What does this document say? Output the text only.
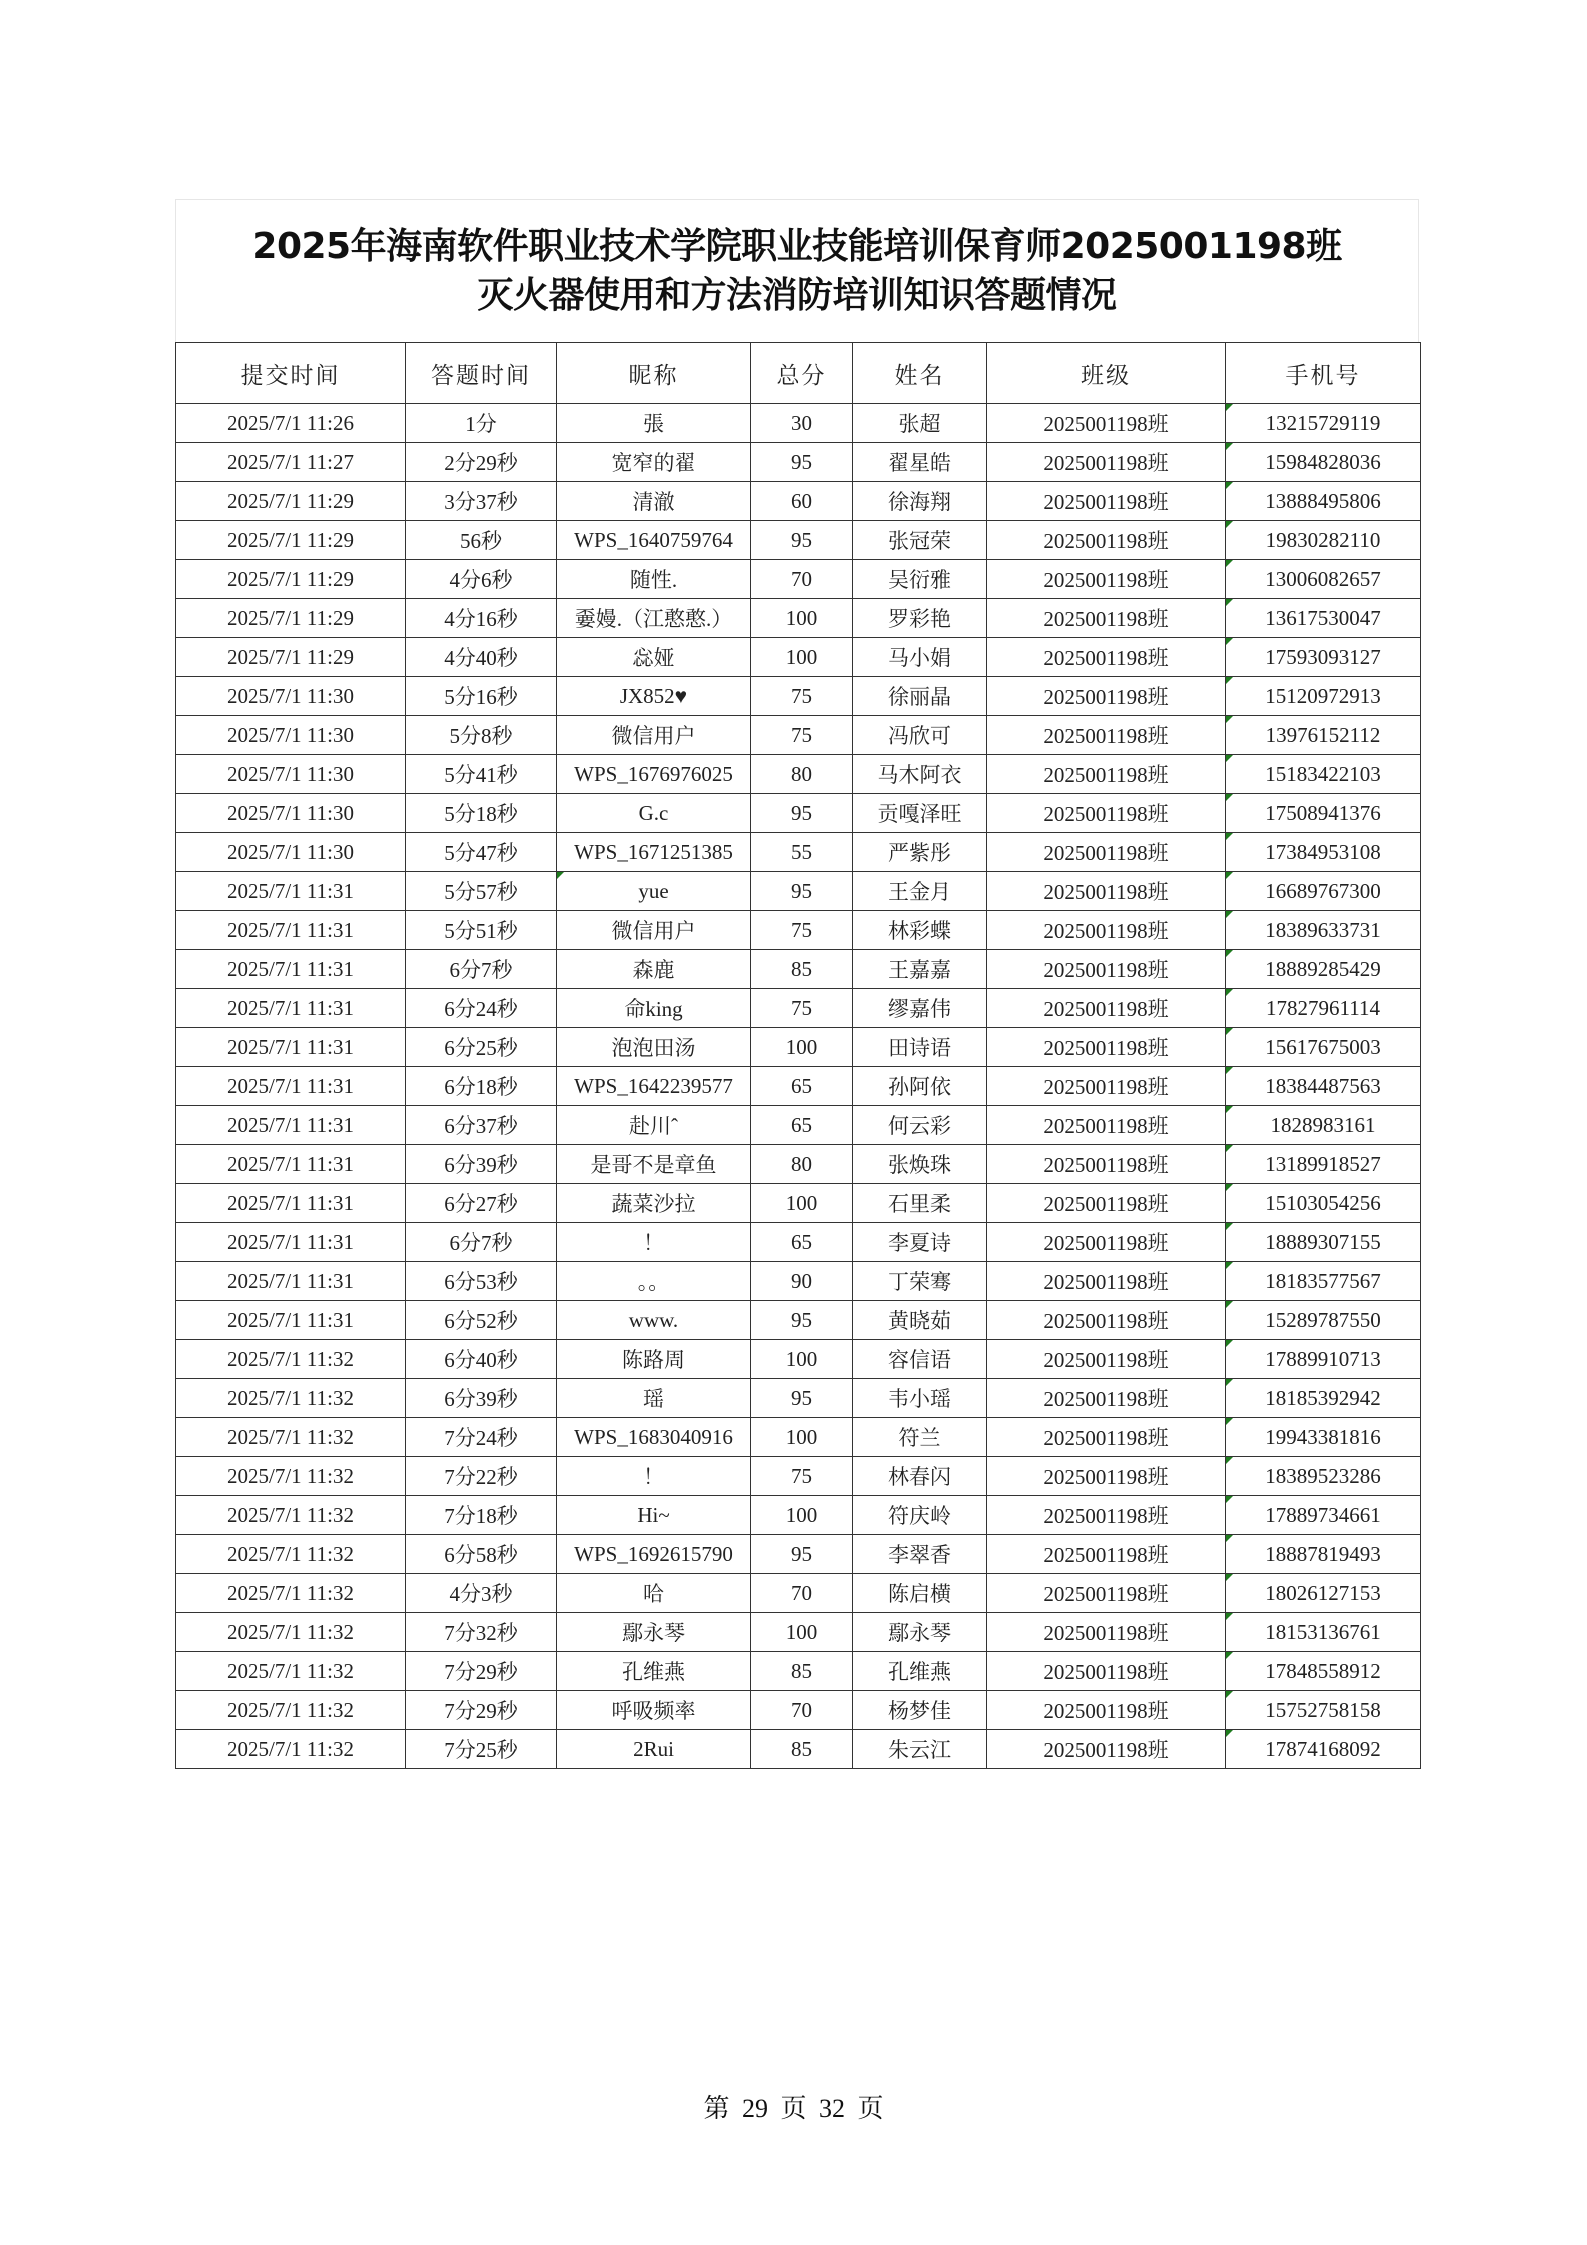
2025年海南软件职业技术学院职业技能培训保育师2025001198班
灭火器使用和方法消防培训知识答题情况
提交时间	答题时间	昵称	总分	姓名	班级	手机号
2025/7/1 11:26	1分	張	30	张超	2025001198班	13215729119
2025/7/1 11:27	2分29秒	宽窄的翟	95	翟星皓	2025001198班	15984828036
2025/7/1 11:29	3分37秒	清澈	60	徐海翔	2025001198班	13888495806
2025/7/1 11:29	56秒	WPS_1640759764	95	张冠荣	2025001198班	19830282110
2025/7/1 11:29	4分6秒	随性.	70	吴衍雅	2025001198班	13006082657
2025/7/1 11:29	4分16秒	嫑嫚.（江憨憨.）	100	罗彩艳	2025001198班	13617530047
2025/7/1 11:29	4分40秒	惢娅	100	马小娟	2025001198班	17593093127
2025/7/1 11:30	5分16秒	JX852♥	75	徐丽晶	2025001198班	15120972913
2025/7/1 11:30	5分8秒	微信用户	75	冯欣可	2025001198班	13976152112
2025/7/1 11:30	5分41秒	WPS_1676976025	80	马木阿衣	2025001198班	15183422103
2025/7/1 11:30	5分18秒	G.c	95	贡嘎泽旺	2025001198班	17508941376
2025/7/1 11:30	5分47秒	WPS_1671251385	55	严紫彤	2025001198班	17384953108
2025/7/1 11:31	5分57秒	yue	95	王金月	2025001198班	16689767300
2025/7/1 11:31	5分51秒	微信用户	75	林彩蝶	2025001198班	18389633731
2025/7/1 11:31	6分7秒	森鹿	85	王嘉嘉	2025001198班	18889285429
2025/7/1 11:31	6分24秒	命king	75	缪嘉伟	2025001198班	17827961114
2025/7/1 11:31	6分25秒	泡泡田汤	100	田诗语	2025001198班	15617675003
2025/7/1 11:31	6分18秒	WPS_1642239577	65	孙阿依	2025001198班	18384487563
2025/7/1 11:31	6分37秒	赴川ˆ	65	何云彩	2025001198班	1828983161
2025/7/1 11:31	6分39秒	是哥不是章鱼	80	张焕珠	2025001198班	13189918527
2025/7/1 11:31	6分27秒	蔬菜沙拉	100	石里柔	2025001198班	15103054256
2025/7/1 11:31	6分7秒	！	65	李夏诗	2025001198班	18889307155
2025/7/1 11:31	6分53秒	。。	90	丁荣骞	2025001198班	18183577567
2025/7/1 11:31	6分52秒	www.	95	黄晓茹	2025001198班	15289787550
2025/7/1 11:32	6分40秒	陈路周	100	容信语	2025001198班	17889910713
2025/7/1 11:32	6分39秒	瑶	95	韦小瑶	2025001198班	18185392942
2025/7/1 11:32	7分24秒	WPS_1683040916	100	符兰	2025001198班	19943381816
2025/7/1 11:32	7分22秒	！	75	林春闪	2025001198班	18389523286
2025/7/1 11:32	7分18秒	Hi~	100	符庆岭	2025001198班	17889734661
2025/7/1 11:32	6分58秒	WPS_1692615790	95	李翠香	2025001198班	18887819493
2025/7/1 11:32	4分3秒	哈	70	陈启横	2025001198班	18026127153
2025/7/1 11:32	7分32秒	鄢永琴	100	鄢永琴	2025001198班	18153136761
2025/7/1 11:32	7分29秒	孔维燕	85	孔维燕	2025001198班	17848558912
2025/7/1 11:32	7分29秒	呼吸频率	70	杨梦佳	2025001198班	15752758158
2025/7/1 11:32	7分25秒	2Rui	85	朱云江	2025001198班	17874168092
第 29 页 32 页
